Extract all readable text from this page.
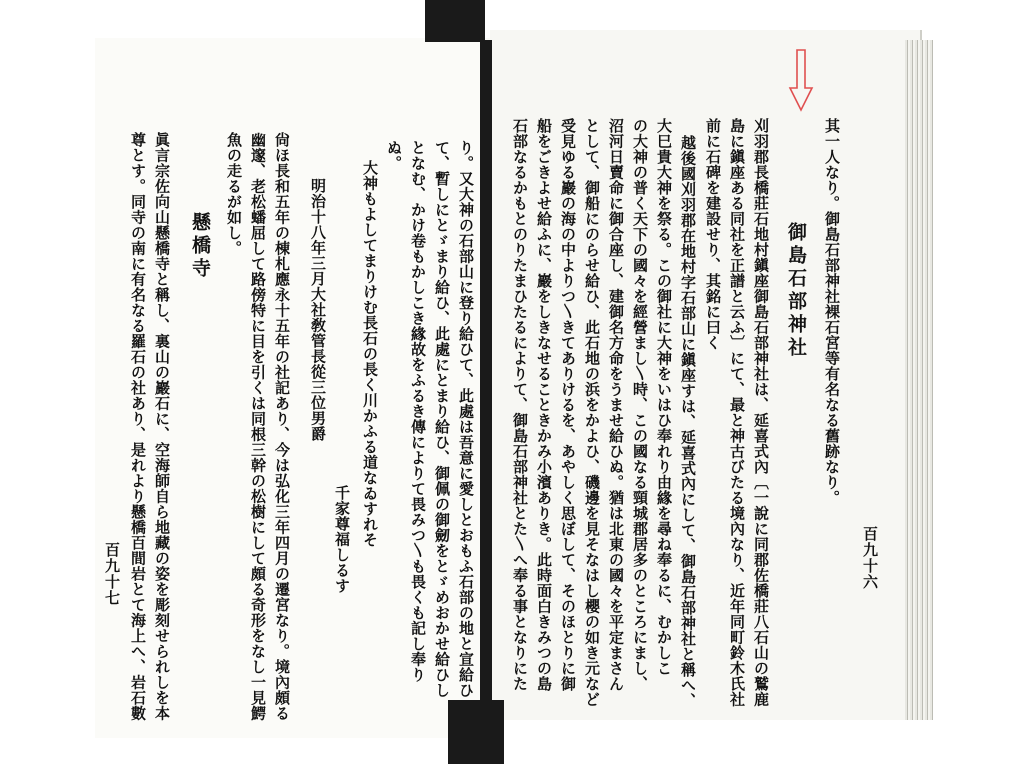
百九十六
其一人なり。御島石部神社裸石宮等有名なる舊跡なり。
御島石部神社
刈羽郡長橋莊石地村鎭座御島石部神社は、延喜式內〔一說に同郡佐橋莊八石山の鷲鹿
島に鎭座ある同社を正譜と云ふ〕にて、最と神古びたる境內なり、近年同町鈴木氏社
前に石碑を建設せり、其銘に曰く
越後國刈羽郡在地村字石部山に鎭座すは、延喜式內にして、御島石部神社と稱へ、
大巳貴大神を祭る。この御社に大神をいはひ奉れり由緣を尋ね奉るに、むかしこ
の大神の普く天下の國々を經營まし〵時、この國なる頸城郡居多のところにまし、
沼河日賣命に御合座し、建御名方命をうませ給ひぬ。猶は北東の國々を平定まさん
として、御船にのらせ給ひ、此石地の浜をかよひ、磯邊を見そなはし櫻の如き元など
受見ゆる巖の海の中よりつ〵きてありけるを、あやしく思ぼして、そのほとりに御
船をごきよせ給ふに、巖をしきなせることきかみ小濱ありき。此時面白きみつの島
石部なるかもとのりたまひたるによりて、御島石部神社とた〵へ奉る事となりにた
り。又大神の石部山に登り給ひて、此處は吾意に愛しとおもふ石部の地と宣給ひ
て、暫しにとゞまり給ひ、此處にとまり給ひ、御佩の御劒をとゞめおかせ給ひし
となむ、かけ卷もかしこき緣故をふるき傳によりて畏みつ〵も畏くも記し奉り
ぬ。
大神もよしてまりけむ長石の長く川かふる道なゐすれそ
千家尊福しるす
明治十八年三月大社敎管長從三位男爵
尙ほ長和五年の棟札應永十五年の社記あり、今は弘化三年四月の遷宮なり。境內頗る
幽邃、老松蟠屈して路傍特に目を引くは同根三幹の松樹にして頗る奇形をなし一見鰐
魚の走るが如し。
懸橋寺
眞言宗佐向山懸橋寺と稱し、裏山の巖石に、空海師自ら地藏の姿を彫刻せられしを本
尊とす。同寺の南に有名なる羅石の社あり、是れより懸橋百間岩とて海上へ、岩石數
百九十七
